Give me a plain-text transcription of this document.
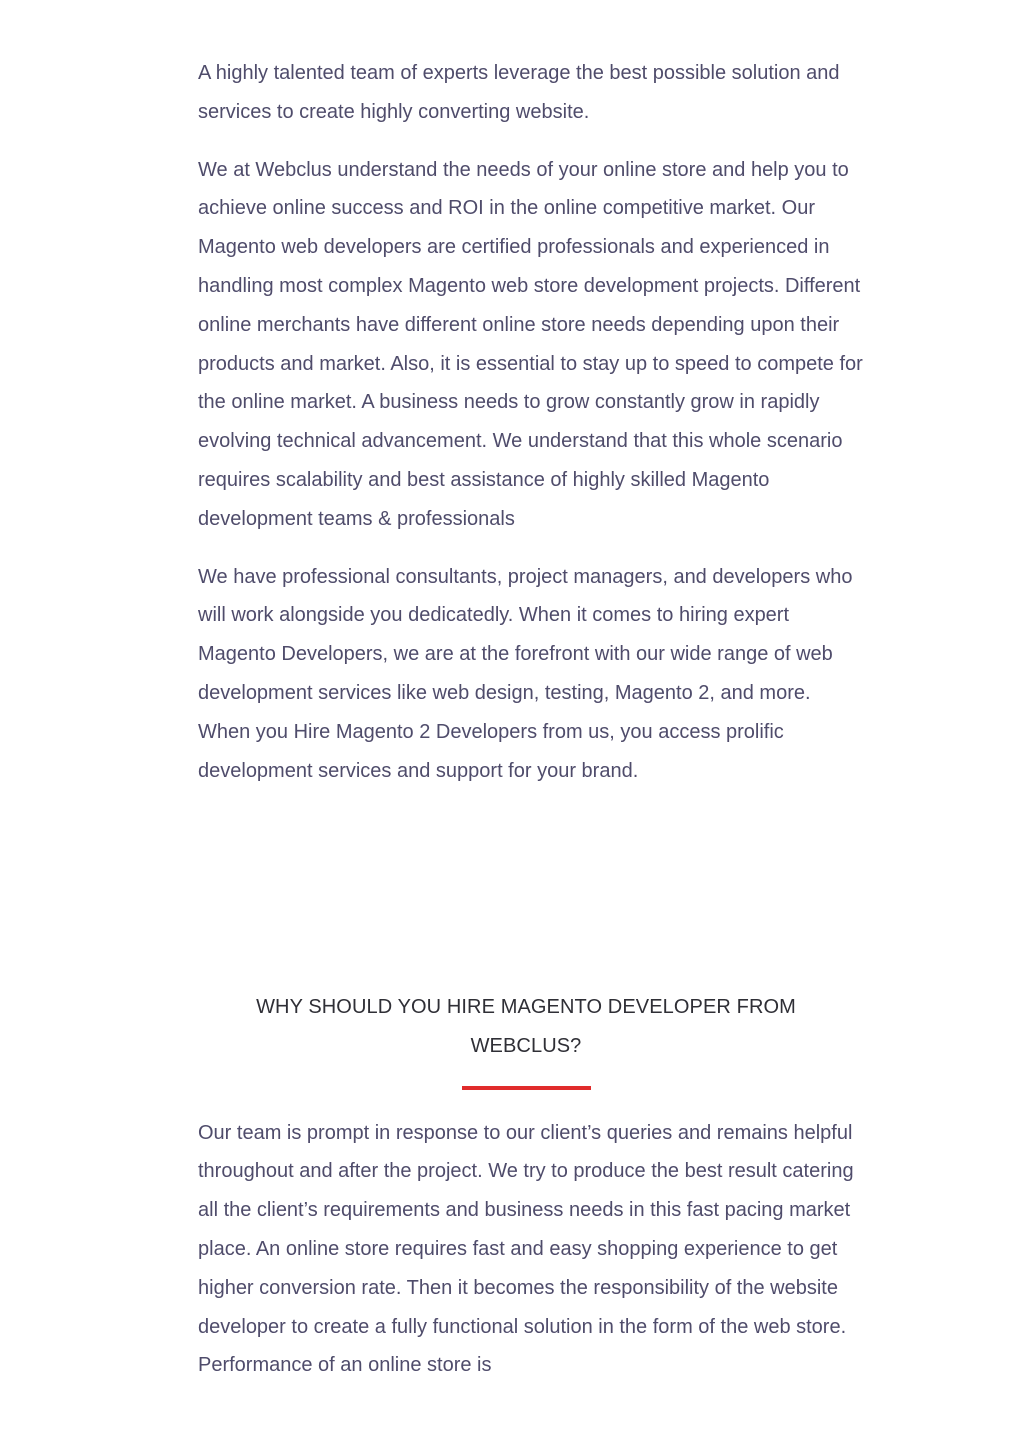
A highly talented team of experts leverage the best possible solution and services to create highly converting website.

We at Webclus understand the needs of your online store and help you to achieve online success and ROI in the online competitive market. Our Magento web developers are certified professionals and experienced in handling most complex Magento web store development projects. Different online merchants have different online store needs depending upon their products and market. Also, it is essential to stay up to speed to compete for the online market. A business needs to grow constantly grow in rapidly evolving technical advancement. We understand that this whole scenario requires scalability and best assistance of highly skilled Magento development teams & professionals

We have professional consultants, project managers, and developers who will work alongside you dedicatedly. When it comes to hiring expert Magento Developers, we are at the forefront with our wide range of web development services like web design, testing, Magento 2, and more. When you Hire Magento 2 Developers from us, you access prolific development services and support for your brand.

WHY SHOULD YOU HIRE MAGENTO DEVELOPER FROM WEBCLUS?

Our team is prompt in response to our client’s queries and remains helpful throughout and after the project. We try to produce the best result catering all the client’s requirements and business needs in this fast pacing market place. An online store requires fast and easy shopping experience to get higher conversion rate. Then it becomes the responsibility of the website developer to create a fully functional solution in the form of the web store. Performance of an online store is
